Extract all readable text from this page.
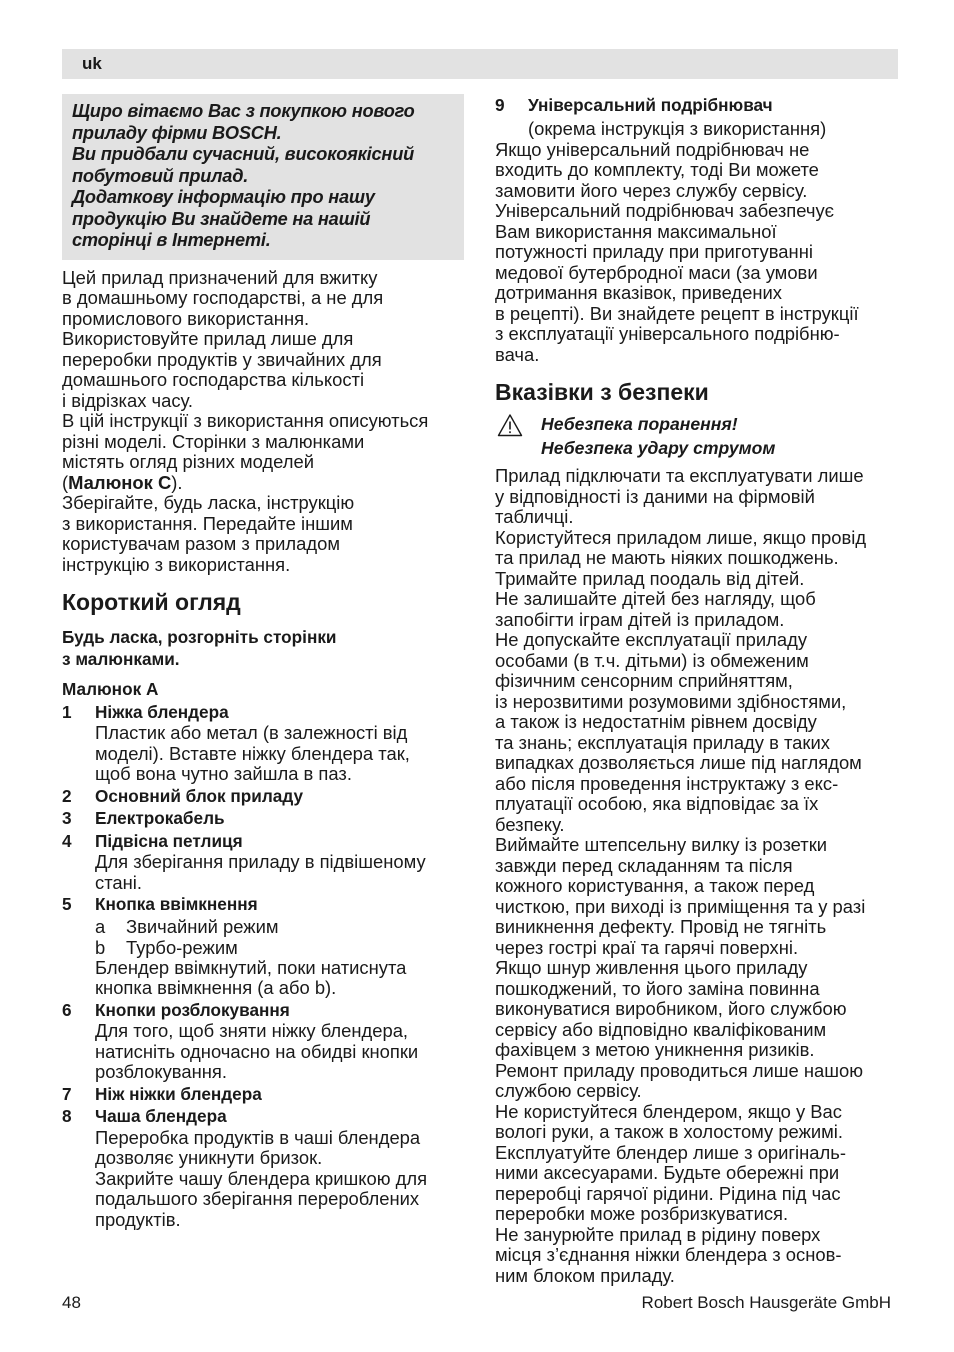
uk

Щиро вітаємо Вас з покупкою нового

приладу фірми BOSCH.

Ви придбали сучасний, високоякісний

побутовий прилад.

Додаткову інформацію про нашу

продукцію Ви знайдете на нашій

сторінці в Інтернеті.

Цей прилад призначений для вжитку

в домашньому господарстві, а не для

промислового використання.

Використовуйте прилад лише для

переробки продуктів у звичайних для

домашнього господарства кількості

і відрізках часу.

В цій інструкції з використання описуються

різні моделі. Сторінки з малюнками

містять огляд різних моделей

(Малюнок C).

Зберігайте, будь ласка, інструкцію

з використання. Передайте іншим

користувачам разом з приладом

інструкцію з використання.

Короткий огляд
Будь ласка, розгорніть сторінки
з малюнками.
Малюнок A
1 Ніжка блендера

Пластик або метал (в залежності від

моделі). Вставте ніжку блендера так,

щоб вона чутно зайшла в паз.

2 Основний блок приладу
3 Електрокабель
4 Підвісна петлиця

Для зберігання приладу в підвішеному

стані.

5 Кнопка ввімкнення
a Звичайний режим
b Турбо-режим

Блендер ввімкнутий, поки натиснута

кнопка ввімкнення (a або b).

6 Кнопки розблокування

Для того, щоб зняти ніжку блендера,

натисніть одночасно на обидві кнопки

розблокування.

7 Ніж ніжки блендера
8 Чаша блендера

Переробка продуктів в чаші блендера

дозволяє уникнути бризок.

Закрийте чашу блендера кришкою для

подальшого зберігання перероблених

продуктів.

9 Універсальний подрібнювач
(окрема інструкція з використання)

Якщо універсальний подрібнювач не

входить до комплекту, тоді Ви можете

замовити його через службу сервісу.

Універсальний подрібнювач забезпечує

Вам використання максимальної

потужності приладу при приготуванні

медової бутербродної маси (за умови

дотримання вказівок, приведених

в рецепті). Ви знайдете рецепт в інструкції

з експлуатації універсального подрібню-

вача.

Вказівки з безпеки

Небезпека поранення!

Небезпека удару струмом

Прилад підключати та експлуатувати лише

у відповідності із даними на фірмовій

табличці.

Користуйтеся приладом лише, якщо провід

та прилад не мають ніяких пошкоджень.

Тримайте прилад поодаль від дітей.

Не залишайте дітей без нагляду, щоб

запобігти іграм дітей із приладом.

Не допускайте експлуатації приладу

особами (в т.ч. дітьми) із обмеженим

фізичним сенсорним сприйняттям,

із нерозвитими розумовими здібностями,

а також із недостатнім рівнем досвіду

та знань; експлуатація приладу в таких

випадках дозволяється лише під наглядом

або після проведення інструктажу з екс-

плуатації особою, яка відповідає за їх

безпеку.

Виймайте штепсельну вилку із розетки

завжди перед складанням та після

кожного користування, а також перед

чисткою, при виході із приміщення та у разі

виникнення дефекту. Провід не тягніть

через гострі краї та гарячі поверхні.

Якщо шнур живлення цього приладу

пошкоджений, то його заміна повинна

виконуватися виробником, його службою

сервісу або відповідно кваліфікованим

фахівцем з метою уникнення ризиків.

Ремонт приладу проводиться лише нашою

службою сервісу.

Не користуйтеся блендером, якщо у Вас

вологі руки, а також в холостому режимі.

Експлуатуйте блендер лише з оригіналь-

ними аксесуарами. Будьте обережні при

переробці гарячої рідини. Рідина під час

переробки може розбризкуватися.

Не занурюйте прилад в рідину поверх

місця з’єднання ніжки блендера з основ-

ним блоком приладу.

48	Robert Bosch Hausgeräte GmbH
